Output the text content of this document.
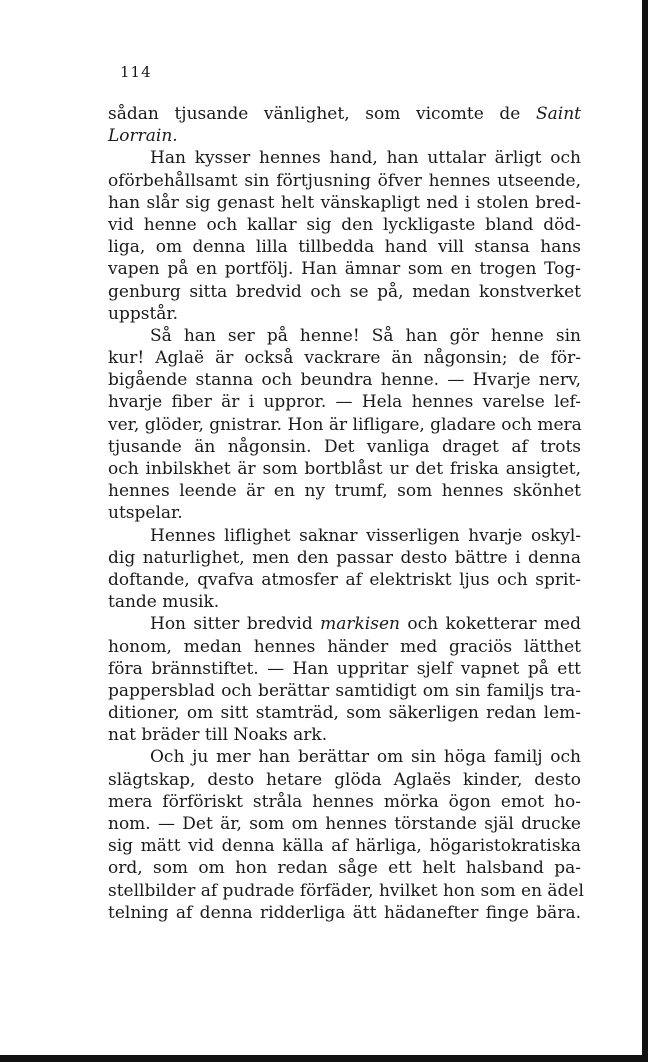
114
sådan tjusande vänlighet, som vicomte de Saint
Lorrain.
Han kysser hennes hand, han uttalar ärligt och
oförbehållsamt sin förtjusning öfver hennes utseende,
han slår sig genast helt vänskapligt ned i stolen bred-
vid henne och kallar sig den lyckligaste bland död-
liga, om denna lilla tillbedda hand vill stansa hans
vapen på en portfölj. Han ämnar som en trogen Tog-
genburg sitta bredvid och se på, medan konstverket
uppstår.
Så han ser på henne! Så han gör henne sin
kur! Aglaë är också vackrare än någonsin; de för-
bigående stanna och beundra henne. — Hvarje nerv,
hvarje fiber är i uppror. — Hela hennes varelse lef-
ver, glöder, gnistrar. Hon är lifligare, gladare och mera
tjusande än någonsin. Det vanliga draget af trots
och inbilskhet är som bortblåst ur det friska ansigtet,
hennes leende är en ny trumf, som hennes skönhet
utspelar.
Hennes liflighet saknar visserligen hvarje oskyl-
dig naturlighet, men den passar desto bättre i denna
doftande, qvafva atmosfer af elektriskt ljus och sprit-
tande musik.
Hon sitter bredvid markisen och koketterar med
honom, medan hennes händer med graciös lätthet
föra brännstiftet. — Han uppritar sjelf vapnet på ett
pappersblad och berättar samtidigt om sin familjs tra-
ditioner, om sitt stamträd, som säkerligen redan lem-
nat bräder till Noaks ark.
Och ju mer han berättar om sin höga familj och
slägtskap, desto hetare glöda Aglaës kinder, desto
mera förföriskt stråla hennes mörka ögon emot ho-
nom. — Det är, som om hennes törstande själ drucke
sig mätt vid denna källa af härliga, högaristokratiska
ord, som om hon redan såge ett helt halsband pa-
stellbilder af pudrade förfäder, hvilket hon som en ädel
telning af denna ridderliga ätt hädanefter finge bära.
